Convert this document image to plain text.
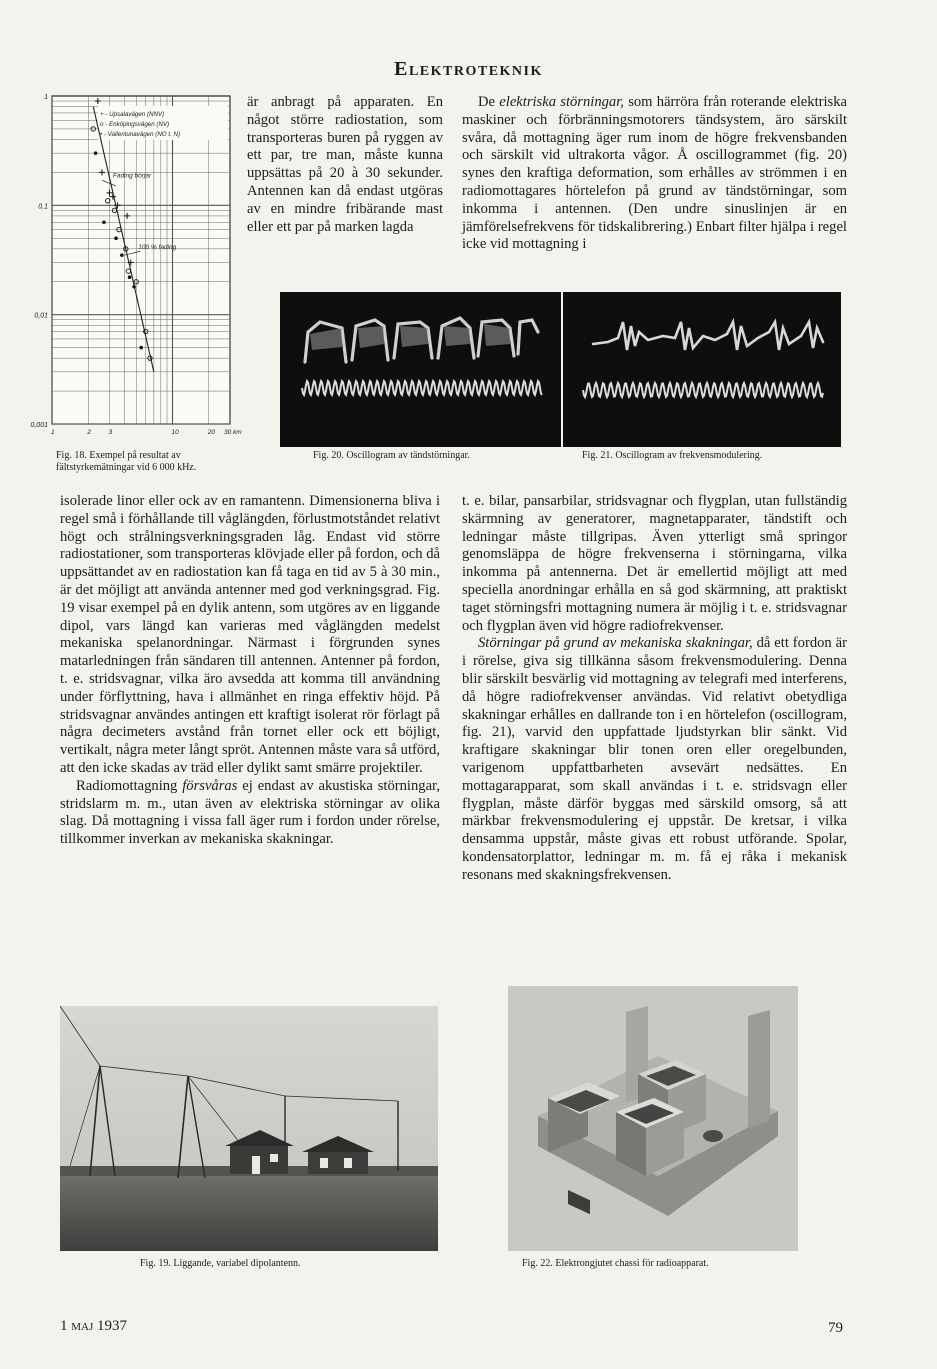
Elektroteknik
1
0,1
0,01
0,001
1	2	3	10	20 30 km
+ - Upsalavägen (NNV)
o - Enköpingsvägen (NV)
• - Vallentunavägen (NO t. N)
Fading börjar
100 % fading
Fig. 18. Exempel på resultat av fältstyrkemätningar vid 6 000 kHz.

är anbragt på apparaten. En något större radiostation, som transporteras buren på ryggen av ett par, tre man, måste kunna uppsättas på 20 à 30 sekunder. Antennen kan då endast utgöras av en mindre fribärande mast eller ett par på marken lagda

De elektriska störningar, som härröra från roterande elektriska maskiner och förbränningsmotorers tändsystem, äro särskilt svåra, då mottagning äger rum inom de högre frekvensbanden och särskilt vid ultrakorta vågor. Å oscillogrammet (fig. 20) synes den kraftiga deformation, som erhålles av strömmen i en radiomottagares hörtelefon på grund av tändstörningar, som inkomma i antennen. (Den undre sinuslinjen är en jämförelsefrekvens för tidskalibrering.) Enbart filter hjälpa i regel icke vid mottagning i

Fig. 20. Oscillogram av tändstörningar.	Fig. 21. Oscillogram av frekvensmodulering.

isolerade linor eller ock av en ramantenn. Dimensionerna bliva i regel små i förhållande till våglängden, förlustmotståndet relativt högt och strålningsverkningsgraden låg. Endast vid större radiostationer, som transporteras klövjade eller på fordon, och då uppsättandet av en radiostation kan få taga en tid av 5 à 30 min., är det möjligt att använda antenner med god verkningsgrad. Fig. 19 visar exempel på en dylik antenn, som utgöres av en liggande dipol, vars längd kan varieras med våglängden medelst mekaniska spelanordningar. Närmast i förgrunden synes matarledningen från sändaren till antennen. Antenner på fordon, t. e. stridsvagnar, vilka äro avsedda att komma till användning under förflyttning, hava i allmänhet en ringa effektiv höjd. På stridsvagnar användes antingen ett kraftigt isolerat rör förlagt på några decimeters avstånd från tornet eller ock ett böjligt, vertikalt, några meter långt spröt. Antennen måste vara så utförd, att den icke skadas av träd eller dylikt samt smärre projektiler.

Radiomottagning försvåras ej endast av akustiska störningar, stridslarm m. m., utan även av elektriska störningar av olika slag. Då mottagning i vissa fall äger rum i fordon under rörelse, tillkommer inverkan av mekaniska skakningar.

t. e. bilar, pansarbilar, stridsvagnar och flygplan, utan fullständig skärmning av generatorer, magnetapparater, tändstift och ledningar måste tillgripas. Även ytterligt små springor genomsläppa de högre frekvenserna i störningarna, vilka inkomma på antennerna. Det är emellertid möjligt att med speciella anordningar erhålla en så god skärmning, att praktiskt taget störningsfri mottagning numera är möjlig i t. e. stridsvagnar och flygplan även vid högre radiofrekvenser.

Störningar på grund av mekaniska skakningar, då ett fordon är i rörelse, giva sig tillkänna såsom frekvensmodulering. Denna blir särskilt besvärlig vid mottagning av telegrafi med interferens, då högre radiofrekvenser användas. Vid relativt obetydliga skakningar erhålles en dallrande ton i en hörtelefon (oscillogram, fig. 21), varvid den uppfattade ljudstyrkan blir sänkt. Vid kraftigare skakningar blir tonen oren eller oregelbunden, varigenom uppfattbarheten avsevärt nedsättes. En mottagarapparat, som skall användas i t. e. stridsvagn eller flygplan, måste därför byggas med särskild omsorg, så att märkbar frekvensmodulering ej uppstår. De kretsar, i vilka densamma uppstår, måste givas ett robust utförande. Spolar, kondensatorplattor, ledningar m. m. få ej råka i mekanisk resonans med skakningsfrekvensen.

Fig. 19. Liggande, variabel dipolantenn.	Fig. 22. Elektrongjutet chassi för radioapparat.
1 maj 1937	79
